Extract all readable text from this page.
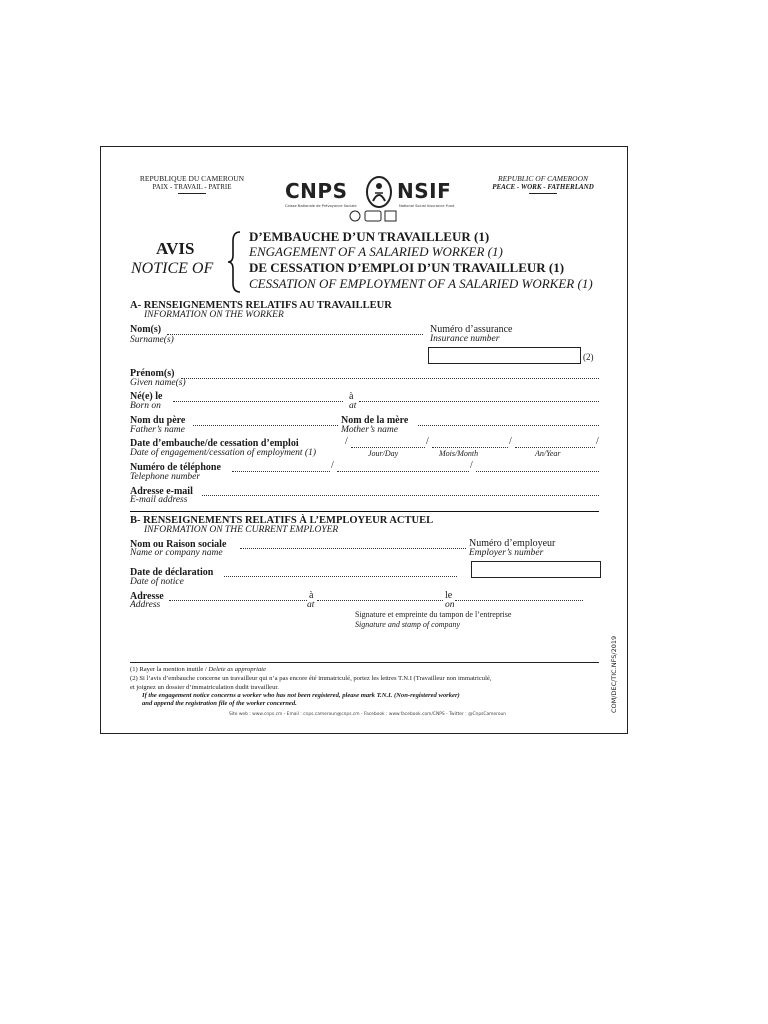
REPUBLIQUE DU CAMEROUN
PAIX - TRAVAIL - PATRIE
REPUBLIC OF CAMEROON
PEACE - WORK - FATHERLAND
CNPS NSIF
Caisse Nationale de Prévoyance Sociale	National Social Insurance Fund
AVIS
NOTICE OF
D’EMBAUCHE D’UN TRAVAILLEUR (1)
ENGAGEMENT OF A SALARIED WORKER (1)
DE CESSATION D’EMPLOI D’UN TRAVAILLEUR (1)
CESSATION OF EMPLOYMENT OF A SALARIED WORKER (1)
A- RENSEIGNEMENTS RELATIFS AU TRAVAILLEUR
INFORMATION ON THE WORKER
Nom(s)
Surname(s)
Numéro d’assurance
Insurance number
(2)
Prénom(s)
Given name(s)
Né(e) le
Born on
à
at
Nom du père
Father’s name
Nom de la mère
Mother’s name
Date d’embauche/de cessation d’emploi
Date of engagement/cessation of employment (1)
/	/	/	/
Jour/Day	Mois/Month	An/Year
Numéro de téléphone	/	/
Telephone number
Adresse e-mail
E-mail address
B- RENSEIGNEMENTS RELATIFS À L’EMPLOYEUR ACTUEL
INFORMATION ON THE CURRENT EMPLOYER
Nom ou Raison sociale
Name or company name
Numéro d’employeur
Employer’s number
Date de déclaration
Date of notice
Adresse
Address
à
at
le
on
Signature et empreinte du tampon de l’entreprise
Signature and stamp of company
COM/DEC/TIC.NFS/2019
(1) Rayer la mention inutile / Delete as appropriate
(2) Si l’avis d’embauche concerne un travailleur qui n’a pas encore été immatriculé, portez les lettres T.N.I (Travailleur non immatriculé,
et joignez un dossier d’immatriculation dudit travailleur.
If the engagement notice concerns a worker who has not been registered, please mark T.N.I. (Non-registered worker)
and append the registration file of the worker concerned.
Site web : www.cnps.cm - Email : cnps.cameroun@cnps.cm - Facebook : www.facebook.com/CNPS - Twitter : @CnpsCameroun
